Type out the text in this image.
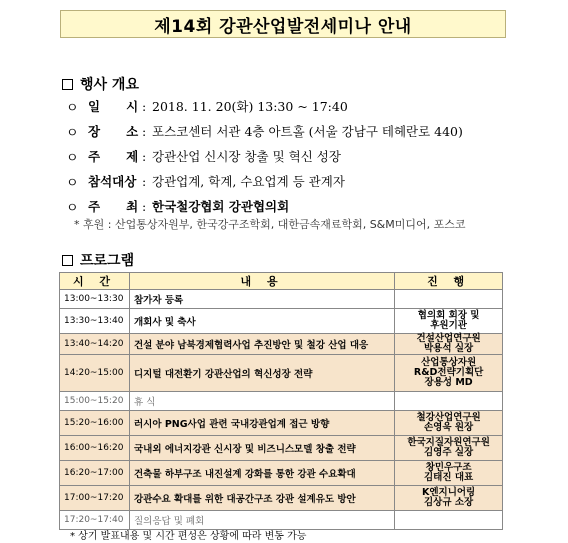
제14회 강관산업발전세미나 안내
행사 개요
ㅇ 일      시 : 2018. 11. 20(화) 13:30 ~ 17:40
ㅇ 장      소 : 포스코센터 서관 4층 아트홀 (서울 강남구 테헤란로 440)
ㅇ 주      제 : 강관산업 신시장 창출 및 혁신 성장
ㅇ 참석대상 : 강관업계, 학계, 수요업계 등 관계자
ㅇ 주      최 : 한국철강협회 강관협의회
* 후원 : 산업통상자원부, 한국강구조학회, 대한금속재료학회, S&M미디어, 포스코
프로그램
시 간	내 용	진 행
13:00~13:30	참가자 등록	
13:30~13:40	개회사 및 축사	협의회 회장 및
후원기관
13:40~14:20	건설 분야 남북경제협력사업 추진방안 및 철강 산업 대응	건설산업연구원
박용석 실장
14:20~15:00	디지털 대전환기 강관산업의 혁신성장 전략	산업통상자원
R&D전략기획단
장용성 MD
15:00~15:20	휴 식	
15:20~16:00	러시아 PNG사업 관련 국내강관업계 접근 방향	철강산업연구원
손영욱 원장
16:00~16:20	국내외 에너지강관 신시장 및 비즈니스모델 창출 전략	한국지질자원연구원
김영주 실장
16:20~17:00	건축물 하부구조 내진설계 강화를 통한 강관 수요확대	창민우구조
김태진 대표
17:00~17:20	강관수요 확대를 위한 대공간구조 강관 설계유도 방안	K엔지니어링
김상규 소장
17:20~17:40	질의응답 및 폐회	
* 상기 발표내용 및 시간 편성은 상황에 따라 변동 가능
